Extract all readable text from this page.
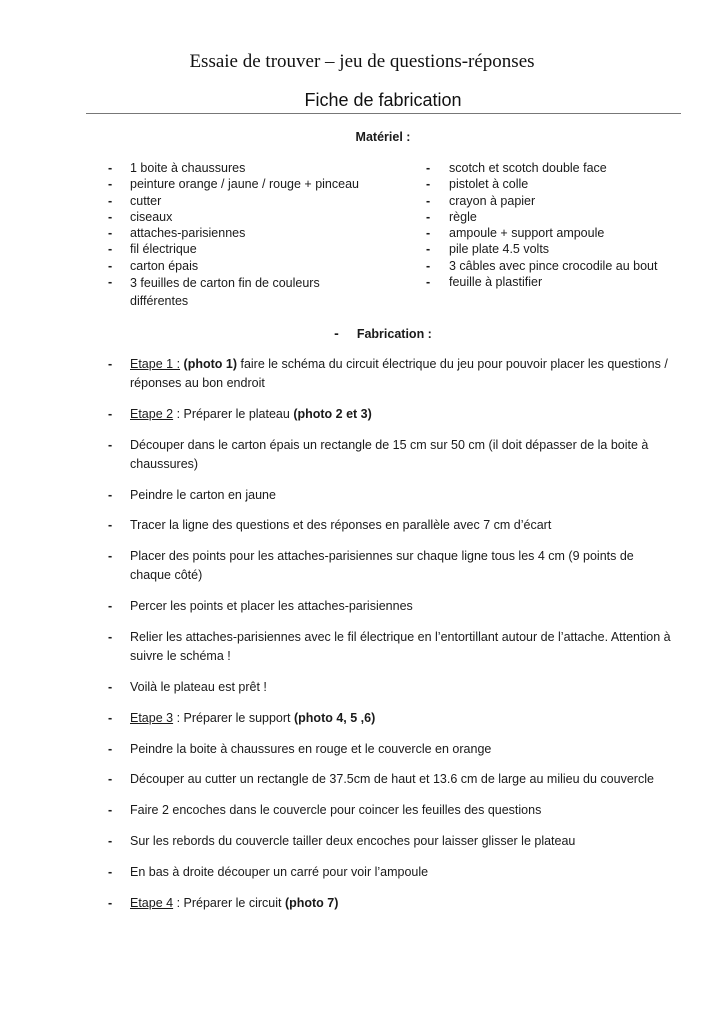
Essaie de trouver – jeu de questions-réponses
Fiche de fabrication
Matériel :
- 1 boite à chaussures
- peinture orange / jaune / rouge + pinceau
- cutter
- ciseaux
- attaches-parisiennes
- fil électrique
- carton épais
- 3 feuilles de carton fin de couleurs différentes
- scotch et scotch double face
- pistolet à colle
- crayon à papier
- règle
- ampoule + support ampoule
- pile plate 4.5 volts
- 3 câbles avec pince crocodile au bout
- feuille à plastifier
- Fabrication :
- Etape 1 : (photo 1) faire le schéma du circuit électrique du jeu pour pouvoir placer les questions / réponses au bon endroit
- Etape 2 : Préparer le plateau (photo 2 et 3)
- Découper dans le carton épais un rectangle de 15 cm sur 50 cm (il doit dépasser de la boite à chaussures)
- Peindre le carton en jaune
- Tracer la ligne des questions et des réponses en parallèle avec 7 cm d’écart
- Placer des points pour les attaches-parisiennes sur chaque ligne tous les 4 cm (9 points de chaque côté)
- Percer les points et placer les attaches-parisiennes
- Relier les attaches-parisiennes avec le fil électrique en l’entortillant autour de l’attache. Attention à suivre le schéma !
- Voilà le plateau est prêt !
- Etape 3 : Préparer le support (photo 4, 5 ,6)
- Peindre la boite à chaussures en rouge et le couvercle en orange
- Découper au cutter un rectangle de 37.5cm de haut et 13.6 cm de large au milieu du couvercle
- Faire 2 encoches dans le couvercle pour coincer les feuilles des questions
- Sur les rebords du couvercle tailler deux encoches pour laisser glisser le plateau
- En bas à droite découper un carré pour voir l’ampoule
- Etape 4 : Préparer le circuit (photo 7)
